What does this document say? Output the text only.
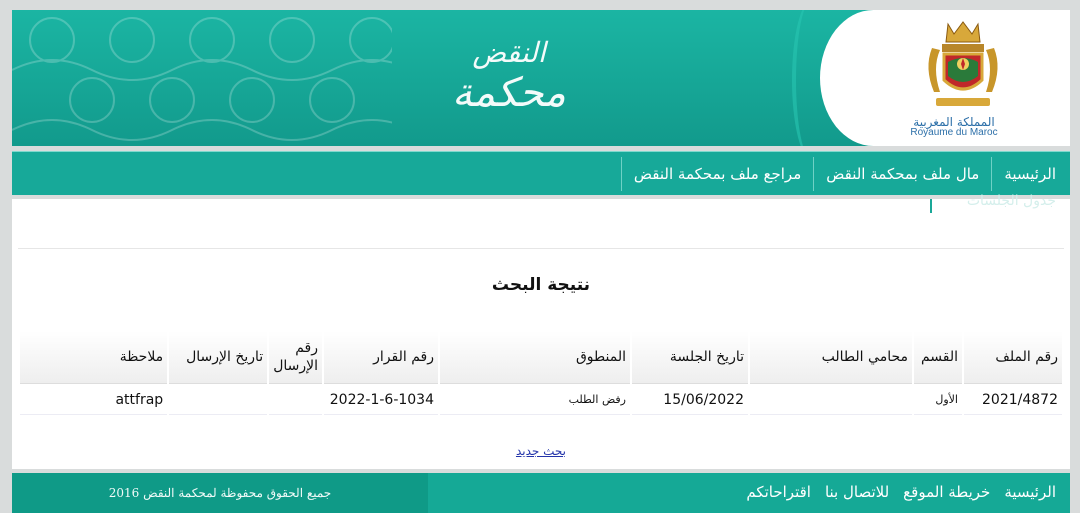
النقض
محكمة
المملكة المغربية
Royaume du Maroc
الرئيسية
مال ملف بمحكمة النقض
مراجع ملف بمحكمة النقض
جدول الجلسات
نتيجة البحث
رقم الملف	القسم	محامي الطالب	تاريخ الجلسة	المنطوق	رقم القرار	رقم الإرسال	تاريخ الإرسال	ملاحظة
2021/4872	الأول		15/06/2022	رفض الطلب	2022-1-6-1034			attfrap
بحث جديد
جميع الحقوق محفوظة لمحكمة النقض 2016	الرئيسية
خريطة الموقع
للاتصال بنا
اقتراحاتكم
